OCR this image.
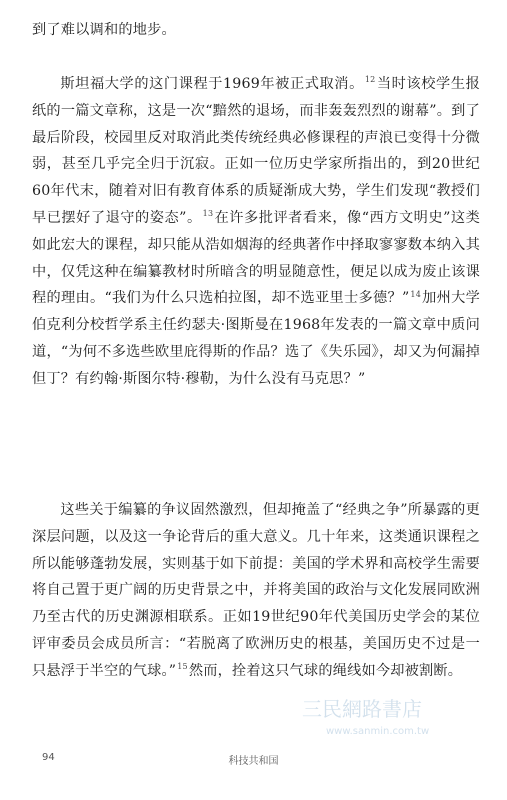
到了难以调和的地步。

斯坦福大学的这门课程于1969年被正式取消。$^{12}$当时该校学生报纸的一篇文章称，这是一次“黯然的退场，而非轰轰烈烈的谢幕”。到了最后阶段，校园里反对取消此类传统经典必修课程的声浪已变得十分微弱，甚至几乎完全归于沉寂。正如一位历史学家所指出的，到20世纪60年代末，随着对旧有教育体系的质疑渐成大势，学生们发现“教授们早已摆好了退守的姿态”。$^{13}$在许多批评者看来，像“西方文明史”这类如此宏大的课程，却只能从浩如烟海的经典著作中择取寥寥数本纳入其中，仅凭这种在编纂教材时所暗含的明显随意性，便足以成为废止该课程的理由。“我们为什么只选柏拉图，却不选亚里士多德？”$^{14}$加州大学伯克利分校哲学系主任约瑟夫·图斯曼在1968年发表的一篇文章中质问道，“为何不多选些欧里庇得斯的作品？选了《失乐园》，却又为何漏掉但丁？有约翰·斯图尔特·穆勒，为什么没有马克思？”

这些关于编纂的争议固然激烈，但却掩盖了“经典之争”所暴露的更深层问题，以及这一争论背后的重大意义。几十年来，这类通识课程之所以能够蓬勃发展，实则基于如下前提：美国的学术界和高校学生需要将自己置于更广阔的历史背景之中，并将美国的政治与文化发展同欧洲乃至古代的历史渊源相联系。正如19世纪90年代美国历史学会的某位评审委员会成员所言：“若脱离了欧洲历史的根基，美国历史不过是一只悬浮于半空的气球。”$^{15}$然而，拴着这只气球的绳线如今却被割断。

三民網路書店
www.sanmin.com.tw
94	科技共和国
